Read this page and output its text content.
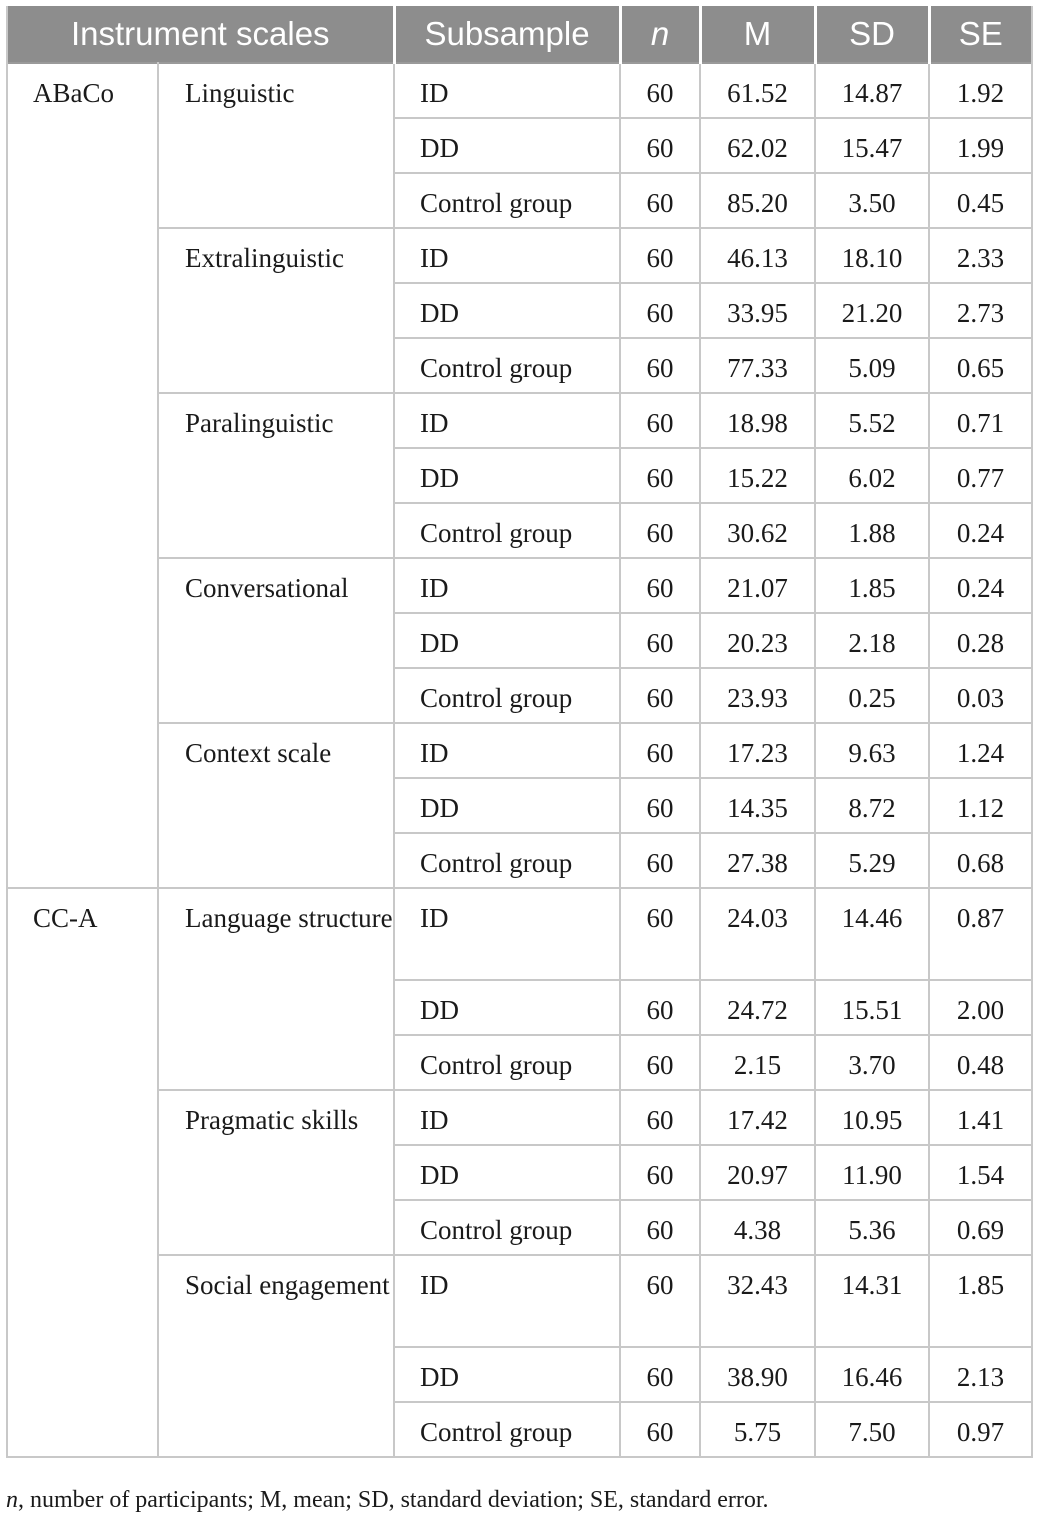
Instrument scales		Subsample	n	M	SD	SE
ABaCo	Linguistic	ID	60	61.52	14.87	1.92
		DD	60	62.02	15.47	1.99
		Control group	60	85.20	3.50	0.45
	Extralinguistic	ID	60	46.13	18.10	2.33
		DD	60	33.95	21.20	2.73
		Control group	60	77.33	5.09	0.65
	Paralinguistic	ID	60	18.98	5.52	0.71
		DD	60	15.22	6.02	0.77
		Control group	60	30.62	1.88	0.24
	Conversational	ID	60	21.07	1.85	0.24
		DD	60	20.23	2.18	0.28
		Control group	60	23.93	0.25	0.03
	Context scale	ID	60	17.23	9.63	1.24
		DD	60	14.35	8.72	1.12
		Control group	60	27.38	5.29	0.68
CC-A	Language structure	ID	60	24.03	14.46	0.87
		DD	60	24.72	15.51	2.00
		Control group	60	2.15	3.70	0.48
	Pragmatic skills	ID	60	17.42	10.95	1.41
		DD	60	20.97	11.90	1.54
		Control group	60	4.38	5.36	0.69
	Social engagement	ID	60	32.43	14.31	1.85
		DD	60	38.90	16.46	2.13
		Control group	60	5.75	7.50	0.97
n, number of participants; M, mean; SD, standard deviation; SE, standard error.
